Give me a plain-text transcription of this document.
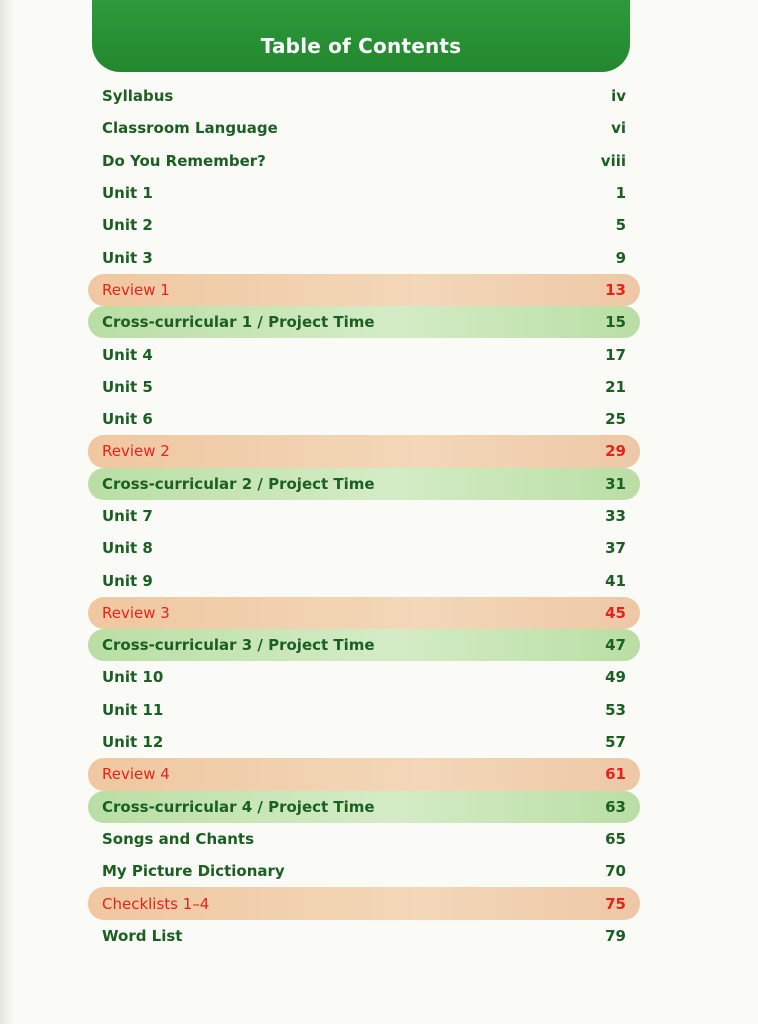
Table of Contents
Syllabus	iv
Classroom Language	vi
Do You Remember?	viii
Unit 1	1
Unit 2	5
Unit 3	9
Review 1	13
Cross-curricular 1 / Project Time	15
Unit 4	17
Unit 5	21
Unit 6	25
Review 2	29
Cross-curricular 2 / Project Time	31
Unit 7	33
Unit 8	37
Unit 9	41
Review 3	45
Cross-curricular 3 / Project Time	47
Unit 10	49
Unit 11	53
Unit 12	57
Review 4	61
Cross-curricular 4 / Project Time	63
Songs and Chants	65
My Picture Dictionary	70
Checklists 1–4	75
Word List	79
